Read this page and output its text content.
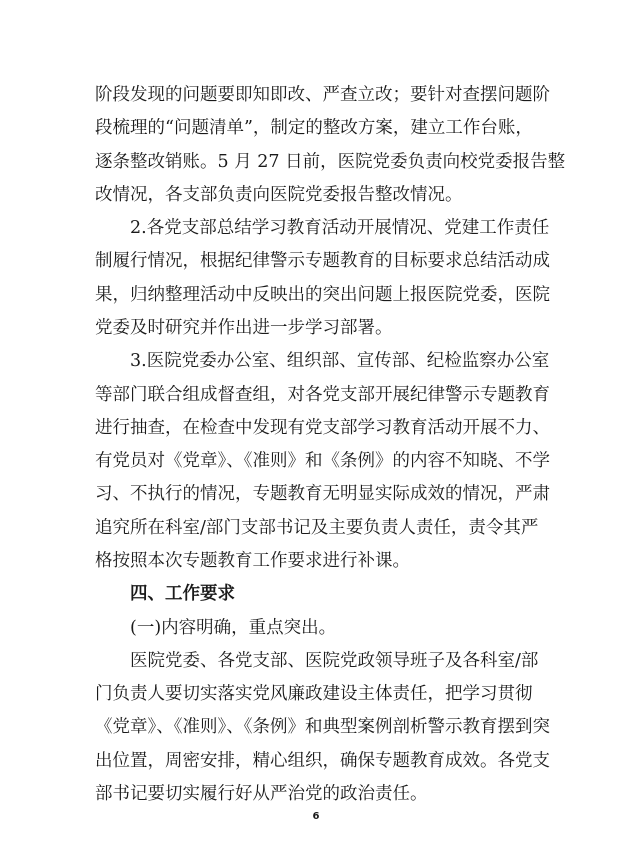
阶段发现的问题要即知即改、严查立改；要针对查摆问题阶
段梳理的“问题清单”，制定的整改方案，建立工作台账，
逐条整改销账。5 月 27 日前，医院党委负责向校党委报告整
改情况，各支部负责向医院党委报告整改情况。
2.各党支部总结学习教育活动开展情况、党建工作责任
制履行情况，根据纪律警示专题教育的目标要求总结活动成
果，归纳整理活动中反映出的突出问题上报医院党委，医院
党委及时研究并作出进一步学习部署。
3.医院党委办公室、组织部、宣传部、纪检监察办公室
等部门联合组成督查组，对各党支部开展纪律警示专题教育
进行抽查，在检查中发现有党支部学习教育活动开展不力、
有党员对《党章》、《准则》和《条例》的内容不知晓、不学
习、不执行的情况，专题教育无明显实际成效的情况，严肃
追究所在科室/部门支部书记及主要负责人责任，责令其严
格按照本次专题教育工作要求进行补课。
四、工作要求
(一)内容明确，重点突出。
医院党委、各党支部、医院党政领导班子及各科室/部
门负责人要切实落实党风廉政建设主体责任，把学习贯彻
《党章》、《准则》、《条例》和典型案例剖析警示教育摆到突
出位置，周密安排，精心组织，确保专题教育成效。各党支
部书记要切实履行好从严治党的政治责任。
6
